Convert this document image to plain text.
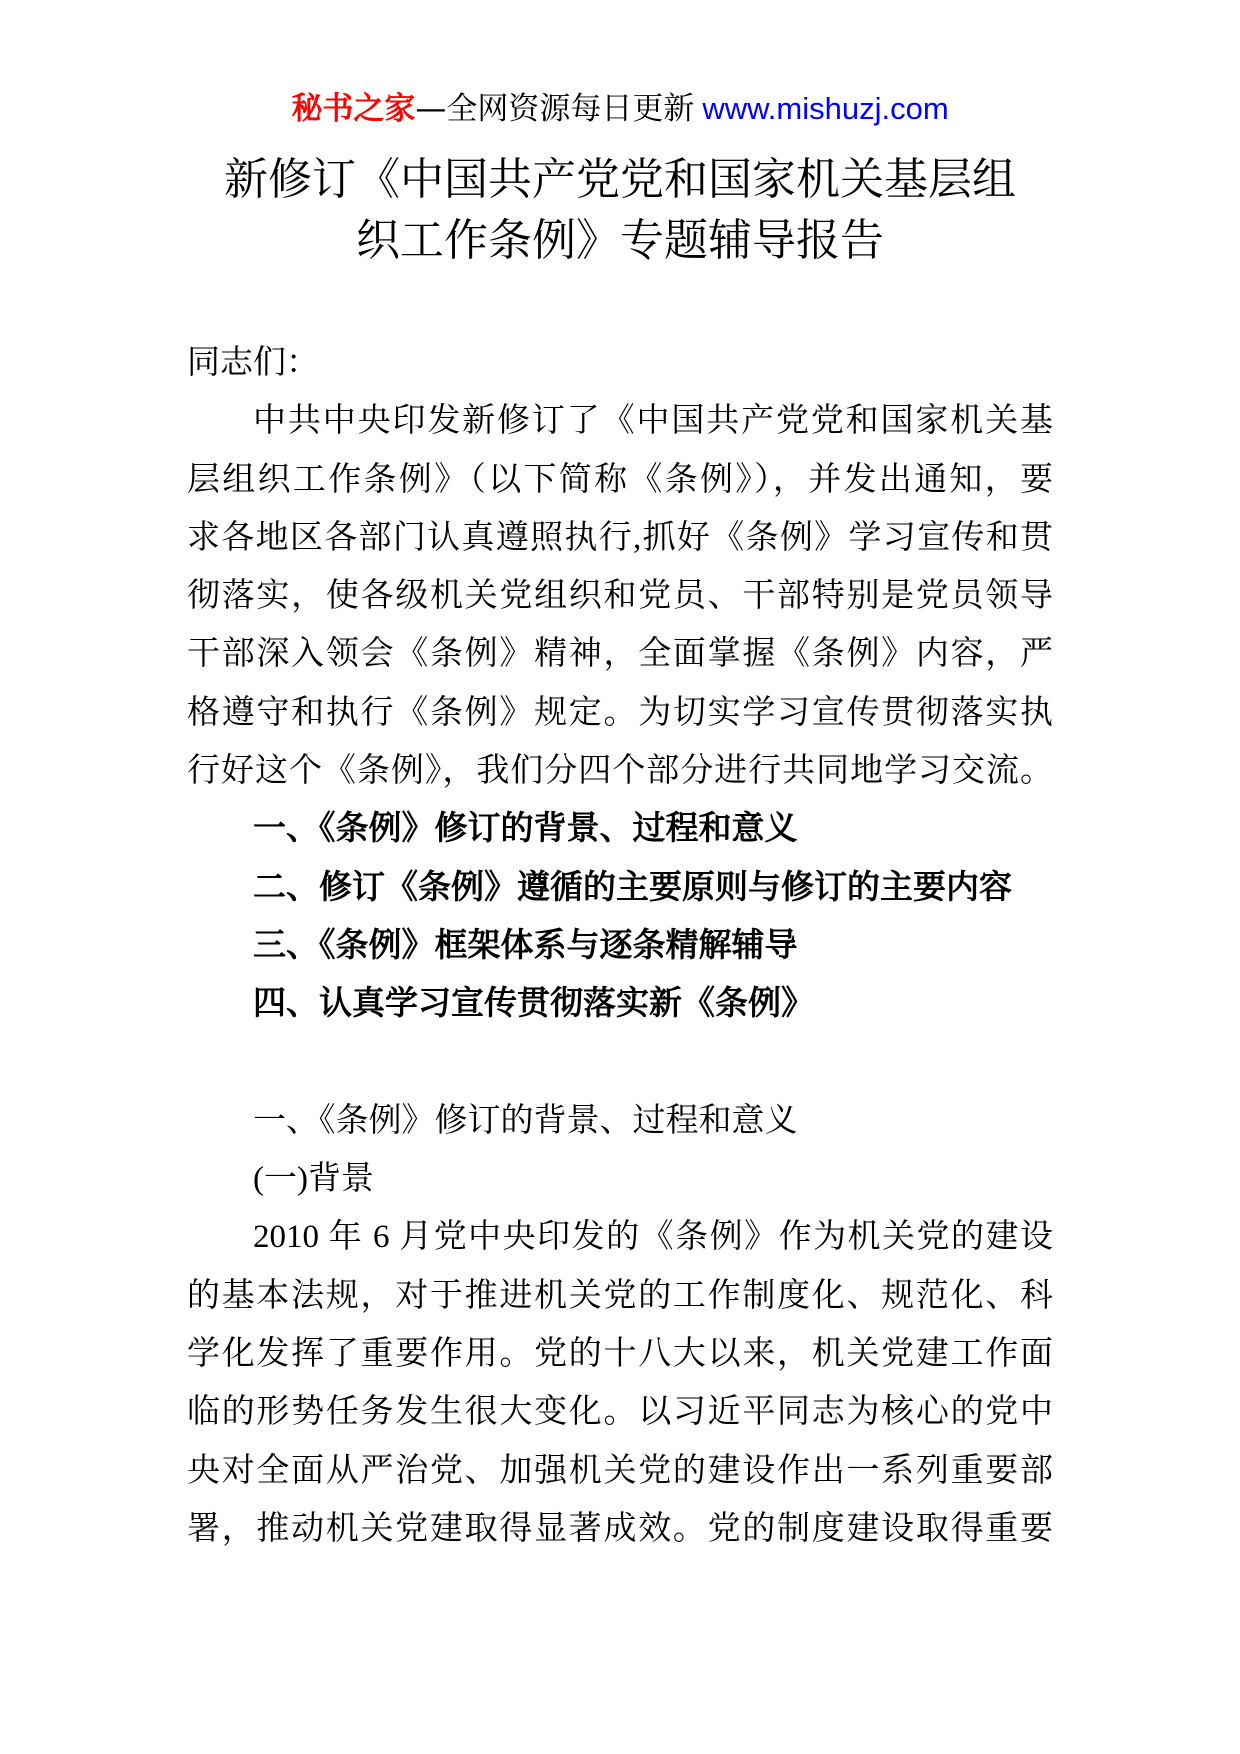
秘书之家—全网资源每日更新 www.mishuzj.com
新修订《中国共产党党和国家机关基层组
织工作条例》专题辅导报告
同志们：
中共中央印发新修订了《中国共产党党和国家机关基
层组织工作条例》（以下简称《条例》），并发出通知，要
求各地区各部门认真遵照执行,抓好《条例》学习宣传和贯
彻落实，使各级机关党组织和党员、干部特别是党员领导
干部深入领会《条例》精神，全面掌握《条例》内容，严
格遵守和执行《条例》规定。为切实学习宣传贯彻落实执
行好这个《条例》，我们分四个部分进行共同地学习交流。
一、《条例》修订的背景、过程和意义
二、修订《条例》遵循的主要原则与修订的主要内容
三、《条例》框架体系与逐条精解辅导
四、认真学习宣传贯彻落实新《条例》
一、《条例》修订的背景、过程和意义
(一)背景
2010 年 6 月党中央印发的《条例》作为机关党的建设
的基本法规，对于推进机关党的工作制度化、规范化、科
学化发挥了重要作用。党的十八大以来，机关党建工作面
临的形势任务发生很大变化。以习近平同志为核心的党中
央对全面从严治党、加强机关党的建设作出一系列重要部
署，推动机关党建取得显著成效。党的制度建设取得重要
